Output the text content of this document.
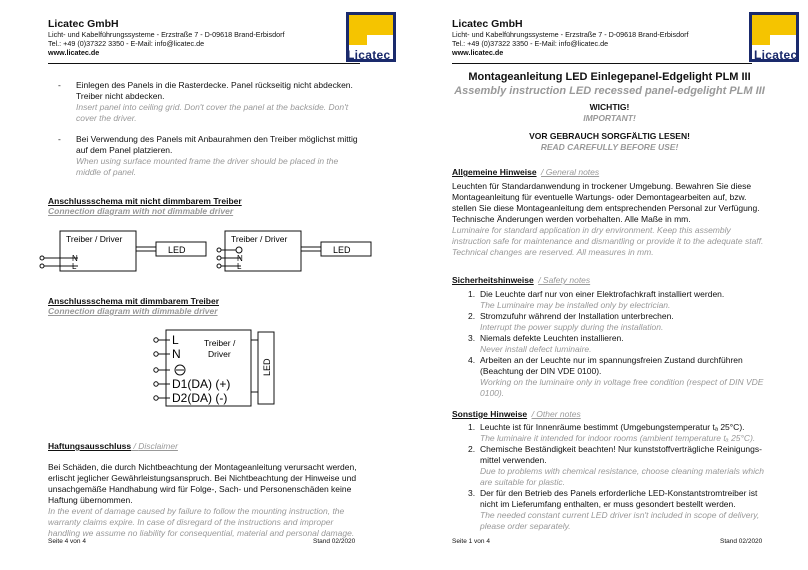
Licatec GmbH
Licht- und Kabelführungssysteme - Erzstraße 7 - D-09618 Brand-Erbisdorf
Tel.: +49 (0)37322 3350 - E-Mail: info@licatec.de
www.licatec.de	Licatec
- Einlegen des Panels in die Rasterdecke. Panel rückseitig nicht abdecken. Treiber nicht abdecken.
Insert panel into ceiling grid. Don't cover the panel at the backside. Don't cover the driver.
- Bei Verwendung des Panels mit Anbaurahmen den Treiber möglichst mittig auf dem Panel platzieren.
When using surface mounted frame the driver should be placed in the middle of panel.
Anschlussschema mit nicht dimmbarem Treiber
Connection diagram with not dimmable driver
Treiber / Driver
N
L
LED
Treiber / Driver
N
L
LED
Anschlussschema mit dimmbarem Treiber
Connection diagram with dimmable driver
LED
Treiber /
Driver
L
N
D1(DA) (+)
D2(DA) (-)
Haftungsausschluss / Disclaimer
Bei Schäden, die durch Nichtbeachtung der Montageanleitung verursacht werden, erlischt jeglicher Gewährleistungsanspruch. Bei Nichtbeachtung der Hinweise und unsachgemäße Handhabung wird für Folge-, Sach- und Personenschäden keine Haftung übernommen.
In the event of damage caused by failure to follow the mounting instruction, the warranty claims expire. In case of disregard of the instructions and improper handling we assume no liability for consequential, material and personal damage.
Seite 4 von 4	Stand 02/2020
Licatec GmbH
Licht- und Kabelführungssysteme - Erzstraße 7 - D-09618 Brand-Erbisdorf
Tel.: +49 (0)37322 3350 - E-Mail: info@licatec.de
www.licatec.de	Licatec
Montageanleitung LED Einlegepanel-Edgelight PLM III
Assembly instruction LED recessed panel-edgelight PLM III
WICHTIG!
IMPORTANT!
VOR GEBRAUCH SORGFÄLTIG LESEN!
READ CAREFULLY BEFORE USE!
Allgemeine Hinweise / General notes
Leuchten für Standardanwendung in trockener Umgebung. Bewahren Sie diese Montageanleitung für eventuelle Wartungs- oder Demontagearbeiten auf, bzw. stellen Sie diese Montageanleitung dem entsprechenden Personal zur Verfügung. Technische Änderungen werden vorbehalten. Alle Maße in mm.
Luminaire for standard application in dry environment. Keep this assembly instruction safe for maintenance and dismantling or provide it to the adequate staff. Technical changes are reserved. All measures in mm.
Sicherheitshinweise / Safety notes
1. Die Leuchte darf nur von einer Elektrofachkraft installiert werden.
The Luminaire may be installed only by electrician.
2. Stromzufuhr während der Installation unterbrechen.
Interrupt the power supply during the installation.
3. Niemals defekte Leuchten installieren.
Never install defect luminaire.
4. Arbeiten an der Leuchte nur im spannungsfreien Zustand durchführen (Beachtung der DIN VDE 0100).
Working on the luminaire only in voltage free condition (respect of DIN VDE 0100).
Sonstige Hinweise / Other notes
1. Leuchte ist für Innenräume bestimmt (Umgebungstemperatur tₐ 25°C).
The luminaire it intended for indoor rooms (ambient temperature tₐ 25°C).
2. Chemische Beständigkeit beachten! Nur kunststoffverträgliche Reinigungs-mittel verwenden.
Due to problems with chemical resistance, choose cleaning materials which are suitable for plastic.
3. Der für den Betrieb des Panels erforderliche LED-Konstantstromtreiber ist nicht im Lieferumfang enthalten, er muss gesondert bestellt werden.
The needed constant current LED driver isn't included in scope of delivery, please order separately.
Seite 1 von 4	Stand 02/2020
